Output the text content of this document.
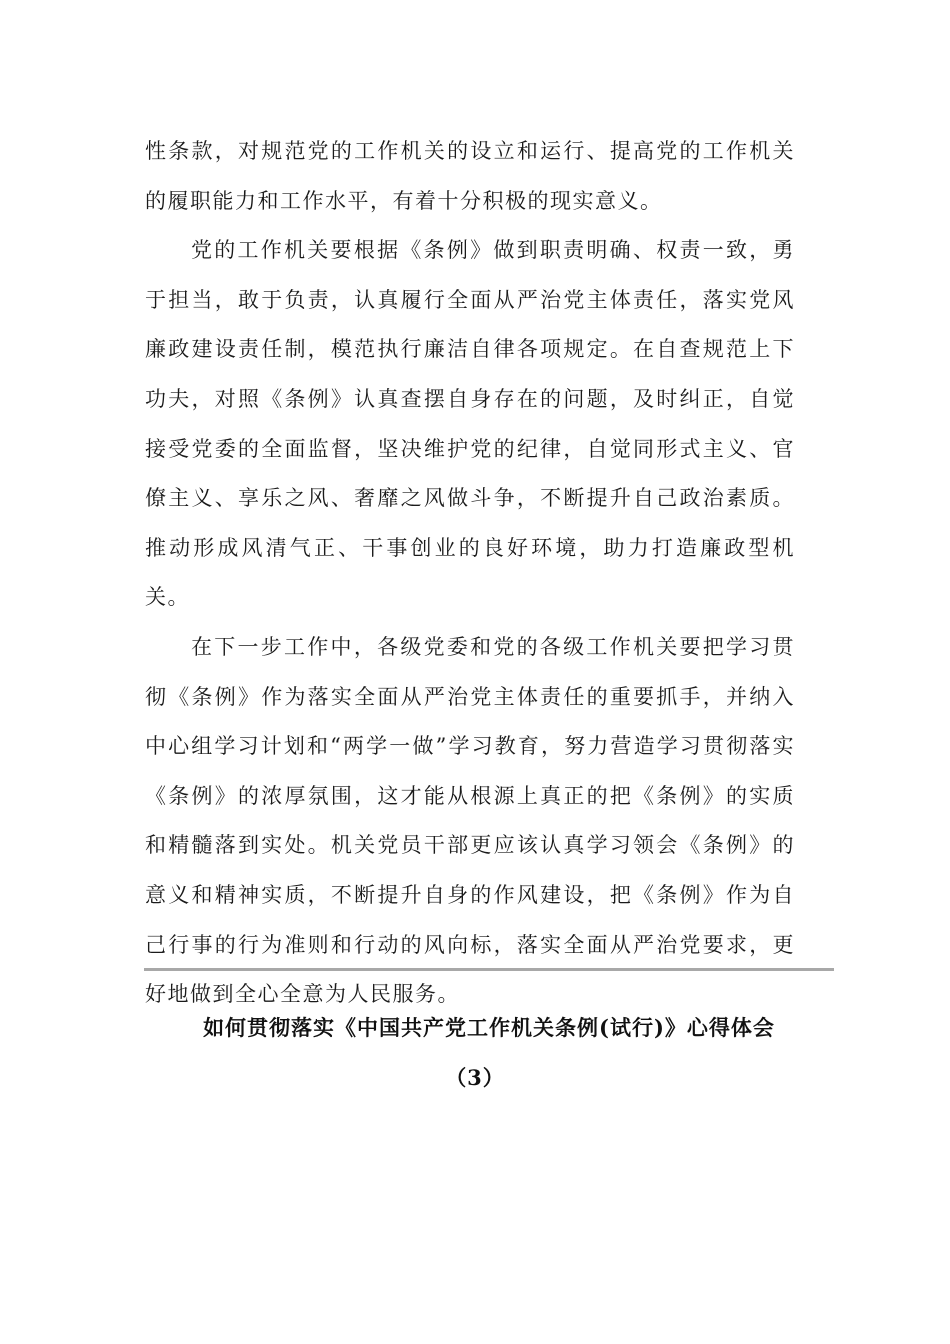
性条款，对规范党的工作机关的设立和运行、提高党的工作机关的履职能力和工作水平，有着十分积极的现实意义。

党的工作机关要根据《条例》做到职责明确、权责一致，勇于担当，敢于负责，认真履行全面从严治党主体责任，落实党风廉政建设责任制，模范执行廉洁自律各项规定。在自查规范上下功夫，对照《条例》认真查摆自身存在的问题，及时纠正，自觉接受党委的全面监督，坚决维护党的纪律，自觉同形式主义、官僚主义、享乐之风、奢靡之风做斗争，不断提升自己政治素质。推动形成风清气正、干事创业的良好环境，助力打造廉政型机关。

在下一步工作中，各级党委和党的各级工作机关要把学习贯彻《条例》作为落实全面从严治党主体责任的重要抓手，并纳入中心组学习计划和“两学一做”学习教育，努力营造学习贯彻落实《条例》的浓厚氛围，这才能从根源上真正的把《条例》的实质和精髓落到实处。机关党员干部更应该认真学习领会《条例》的意义和精神实质，不断提升自身的作风建设，把《条例》作为自己行事的行为准则和行动的风向标，落实全面从严治党要求，更好地做到全心全意为人民服务。

如何贯彻落实《中国共产党工作机关条例(试行)》心得体会
（3）
